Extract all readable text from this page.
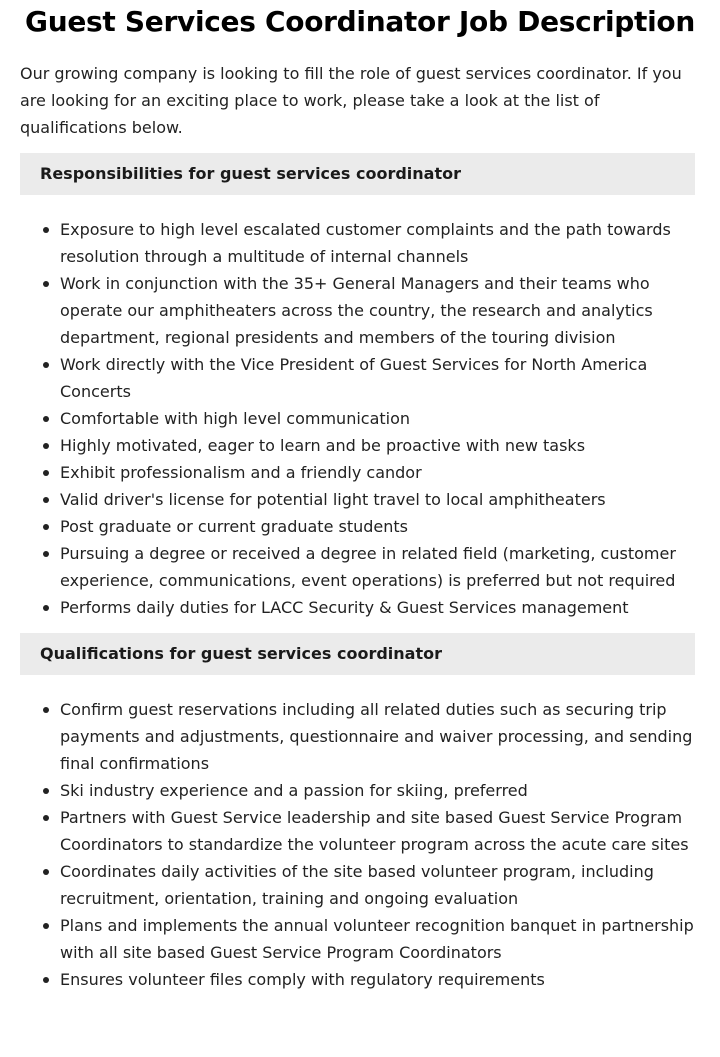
Guest Services Coordinator Job Description

Our growing company is looking to fill the role of guest services coordinator. If you are looking for an exciting place to work, please take a look at the list of qualifications below.

Responsibilities for guest services coordinator
Exposure to high level escalated customer complaints and the path towards resolution through a multitude of internal channels
Work in conjunction with the 35+ General Managers and their teams who operate our amphitheaters across the country, the research and analytics department, regional presidents and members of the touring division
Work directly with the Vice President of Guest Services for North America Concerts
Comfortable with high level communication
Highly motivated, eager to learn and be proactive with new tasks
Exhibit professionalism and a friendly candor
Valid driver's license for potential light travel to local amphitheaters
Post graduate or current graduate students
Pursuing a degree or received a degree in related field (marketing, customer experience, communications, event operations) is preferred but not required
Performs daily duties for LACC Security & Guest Services management
Qualifications for guest services coordinator
Confirm guest reservations including all related duties such as securing trip payments and adjustments, questionnaire and waiver processing, and sending final confirmations
Ski industry experience and a passion for skiing, preferred
Partners with Guest Service leadership and site based Guest Service Program Coordinators to standardize the volunteer program across the acute care sites
Coordinates daily activities of the site based volunteer program, including recruitment, orientation, training and ongoing evaluation
Plans and implements the annual volunteer recognition banquet in partnership with all site based Guest Service Program Coordinators
Ensures volunteer files comply with regulatory requirements
